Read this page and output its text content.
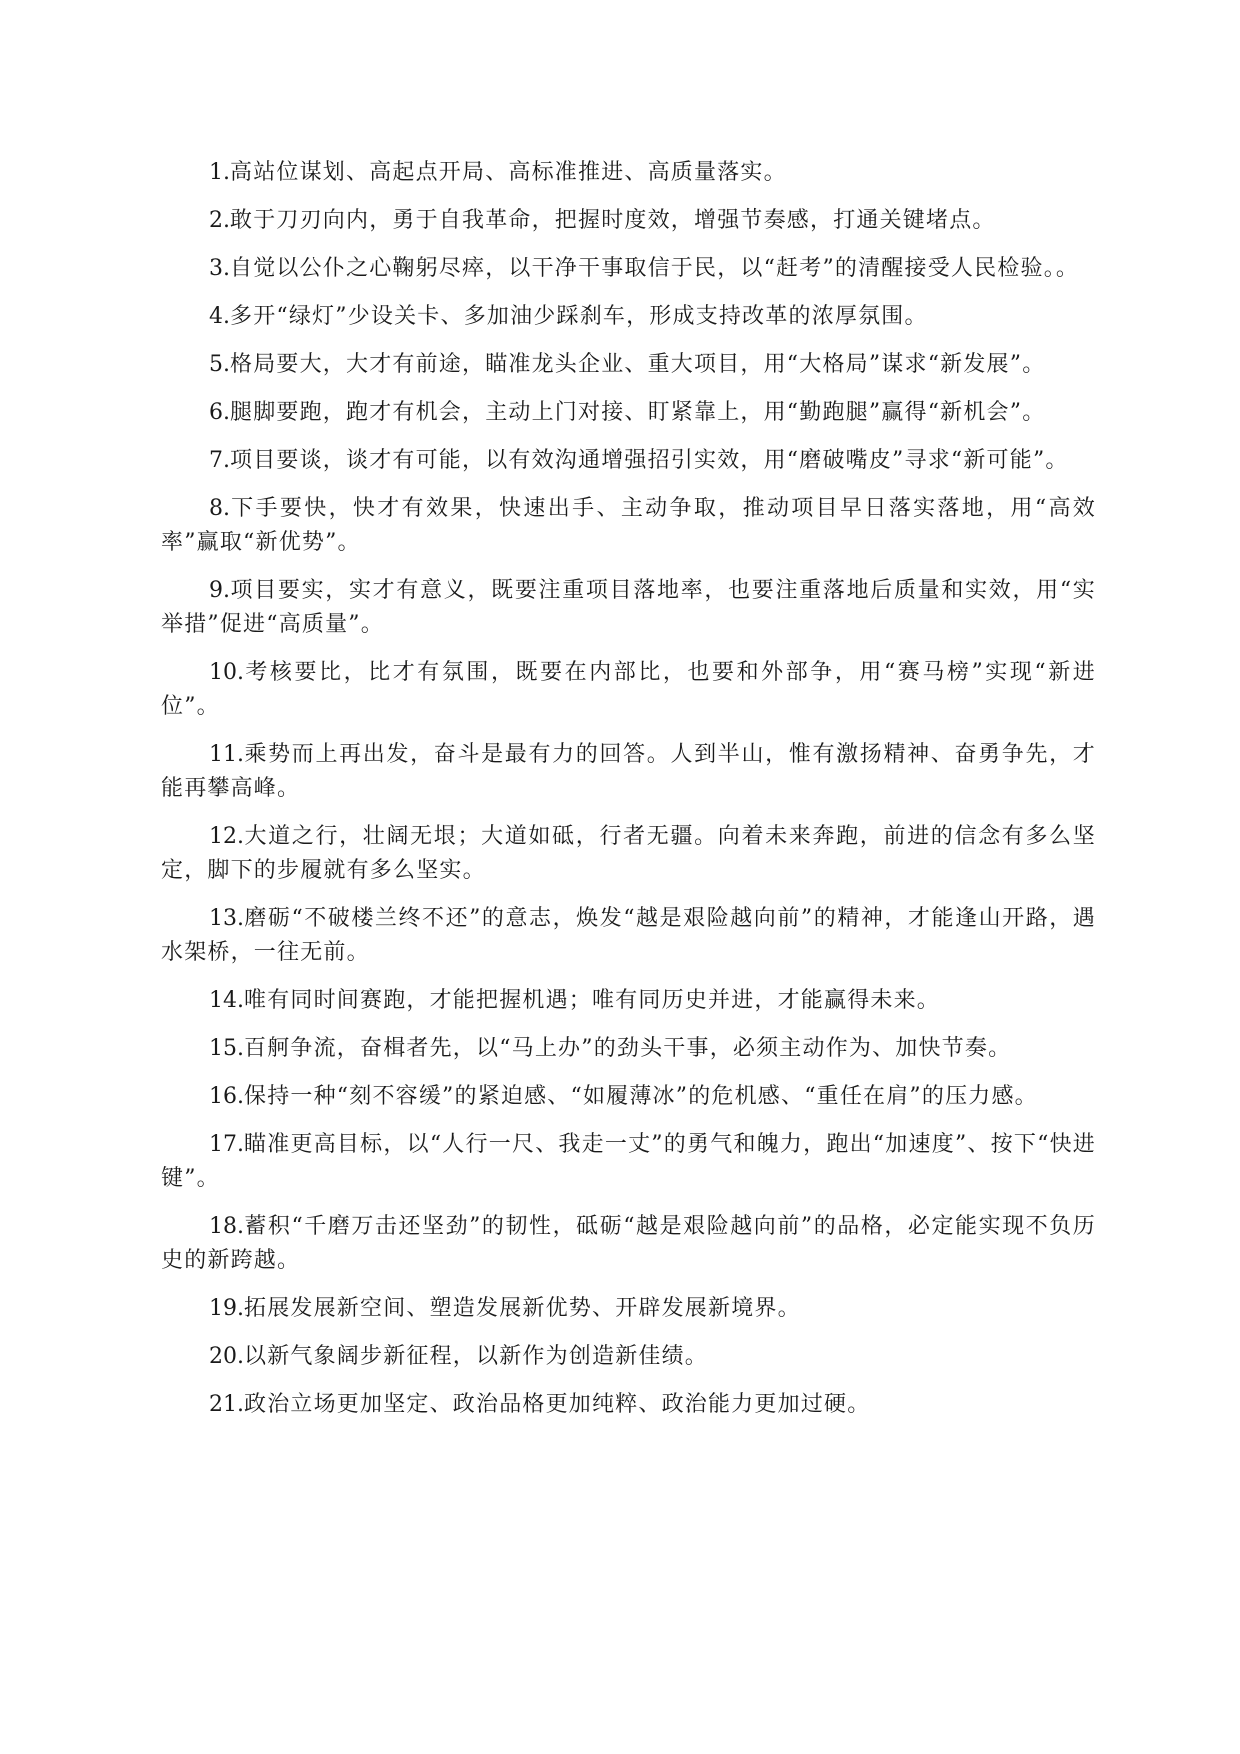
1.高站位谋划、高起点开局、高标准推进、高质量落实。

2.敢于刀刃向内，勇于自我革命，把握时度效，增强节奏感，打通关键堵点。

3.自觉以公仆之心鞠躬尽瘁，以干净干事取信于民，以“赶考”的清醒接受人民检验。。

4.多开“绿灯”少设关卡、多加油少踩刹车，形成支持改革的浓厚氛围。

5.格局要大，大才有前途，瞄准龙头企业、重大项目，用“大格局”谋求“新发展”。

6.腿脚要跑，跑才有机会，主动上门对接、盯紧靠上，用“勤跑腿”赢得“新机会”。

7.项目要谈，谈才有可能，以有效沟通增强招引实效，用“磨破嘴皮”寻求“新可能”。

8.下手要快，快才有效果，快速出手、主动争取，推动项目早日落实落地，用“高效率”赢取“新优势”。

9.项目要实，实才有意义，既要注重项目落地率，也要注重落地后质量和实效，用“实举措”促进“高质量”。

10.考核要比，比才有氛围，既要在内部比，也要和外部争，用“赛马榜”实现“新进位”。

11.乘势而上再出发，奋斗是最有力的回答。人到半山，惟有激扬精神、奋勇争先，才能再攀高峰。

12.大道之行，壮阔无垠；大道如砥，行者无疆。向着未来奔跑，前进的信念有多么坚定，脚下的步履就有多么坚实。

13.磨砺“不破楼兰终不还”的意志，焕发“越是艰险越向前”的精神，才能逢山开路，遇水架桥，一往无前。

14.唯有同时间赛跑，才能把握机遇；唯有同历史并进，才能赢得未来。

15.百舸争流，奋楫者先，以“马上办”的劲头干事，必须主动作为、加快节奏。

16.保持一种“刻不容缓”的紧迫感、“如履薄冰”的危机感、“重任在肩”的压力感。

17.瞄准更高目标，以“人行一尺、我走一丈”的勇气和魄力，跑出“加速度”、按下“快进键”。

18.蓄积“千磨万击还坚劲”的韧性，砥砺“越是艰险越向前”的品格，必定能实现不负历史的新跨越。

19.拓展发展新空间、塑造发展新优势、开辟发展新境界。

20.以新气象阔步新征程，以新作为创造新佳绩。

21.政治立场更加坚定、政治品格更加纯粹、政治能力更加过硬。
